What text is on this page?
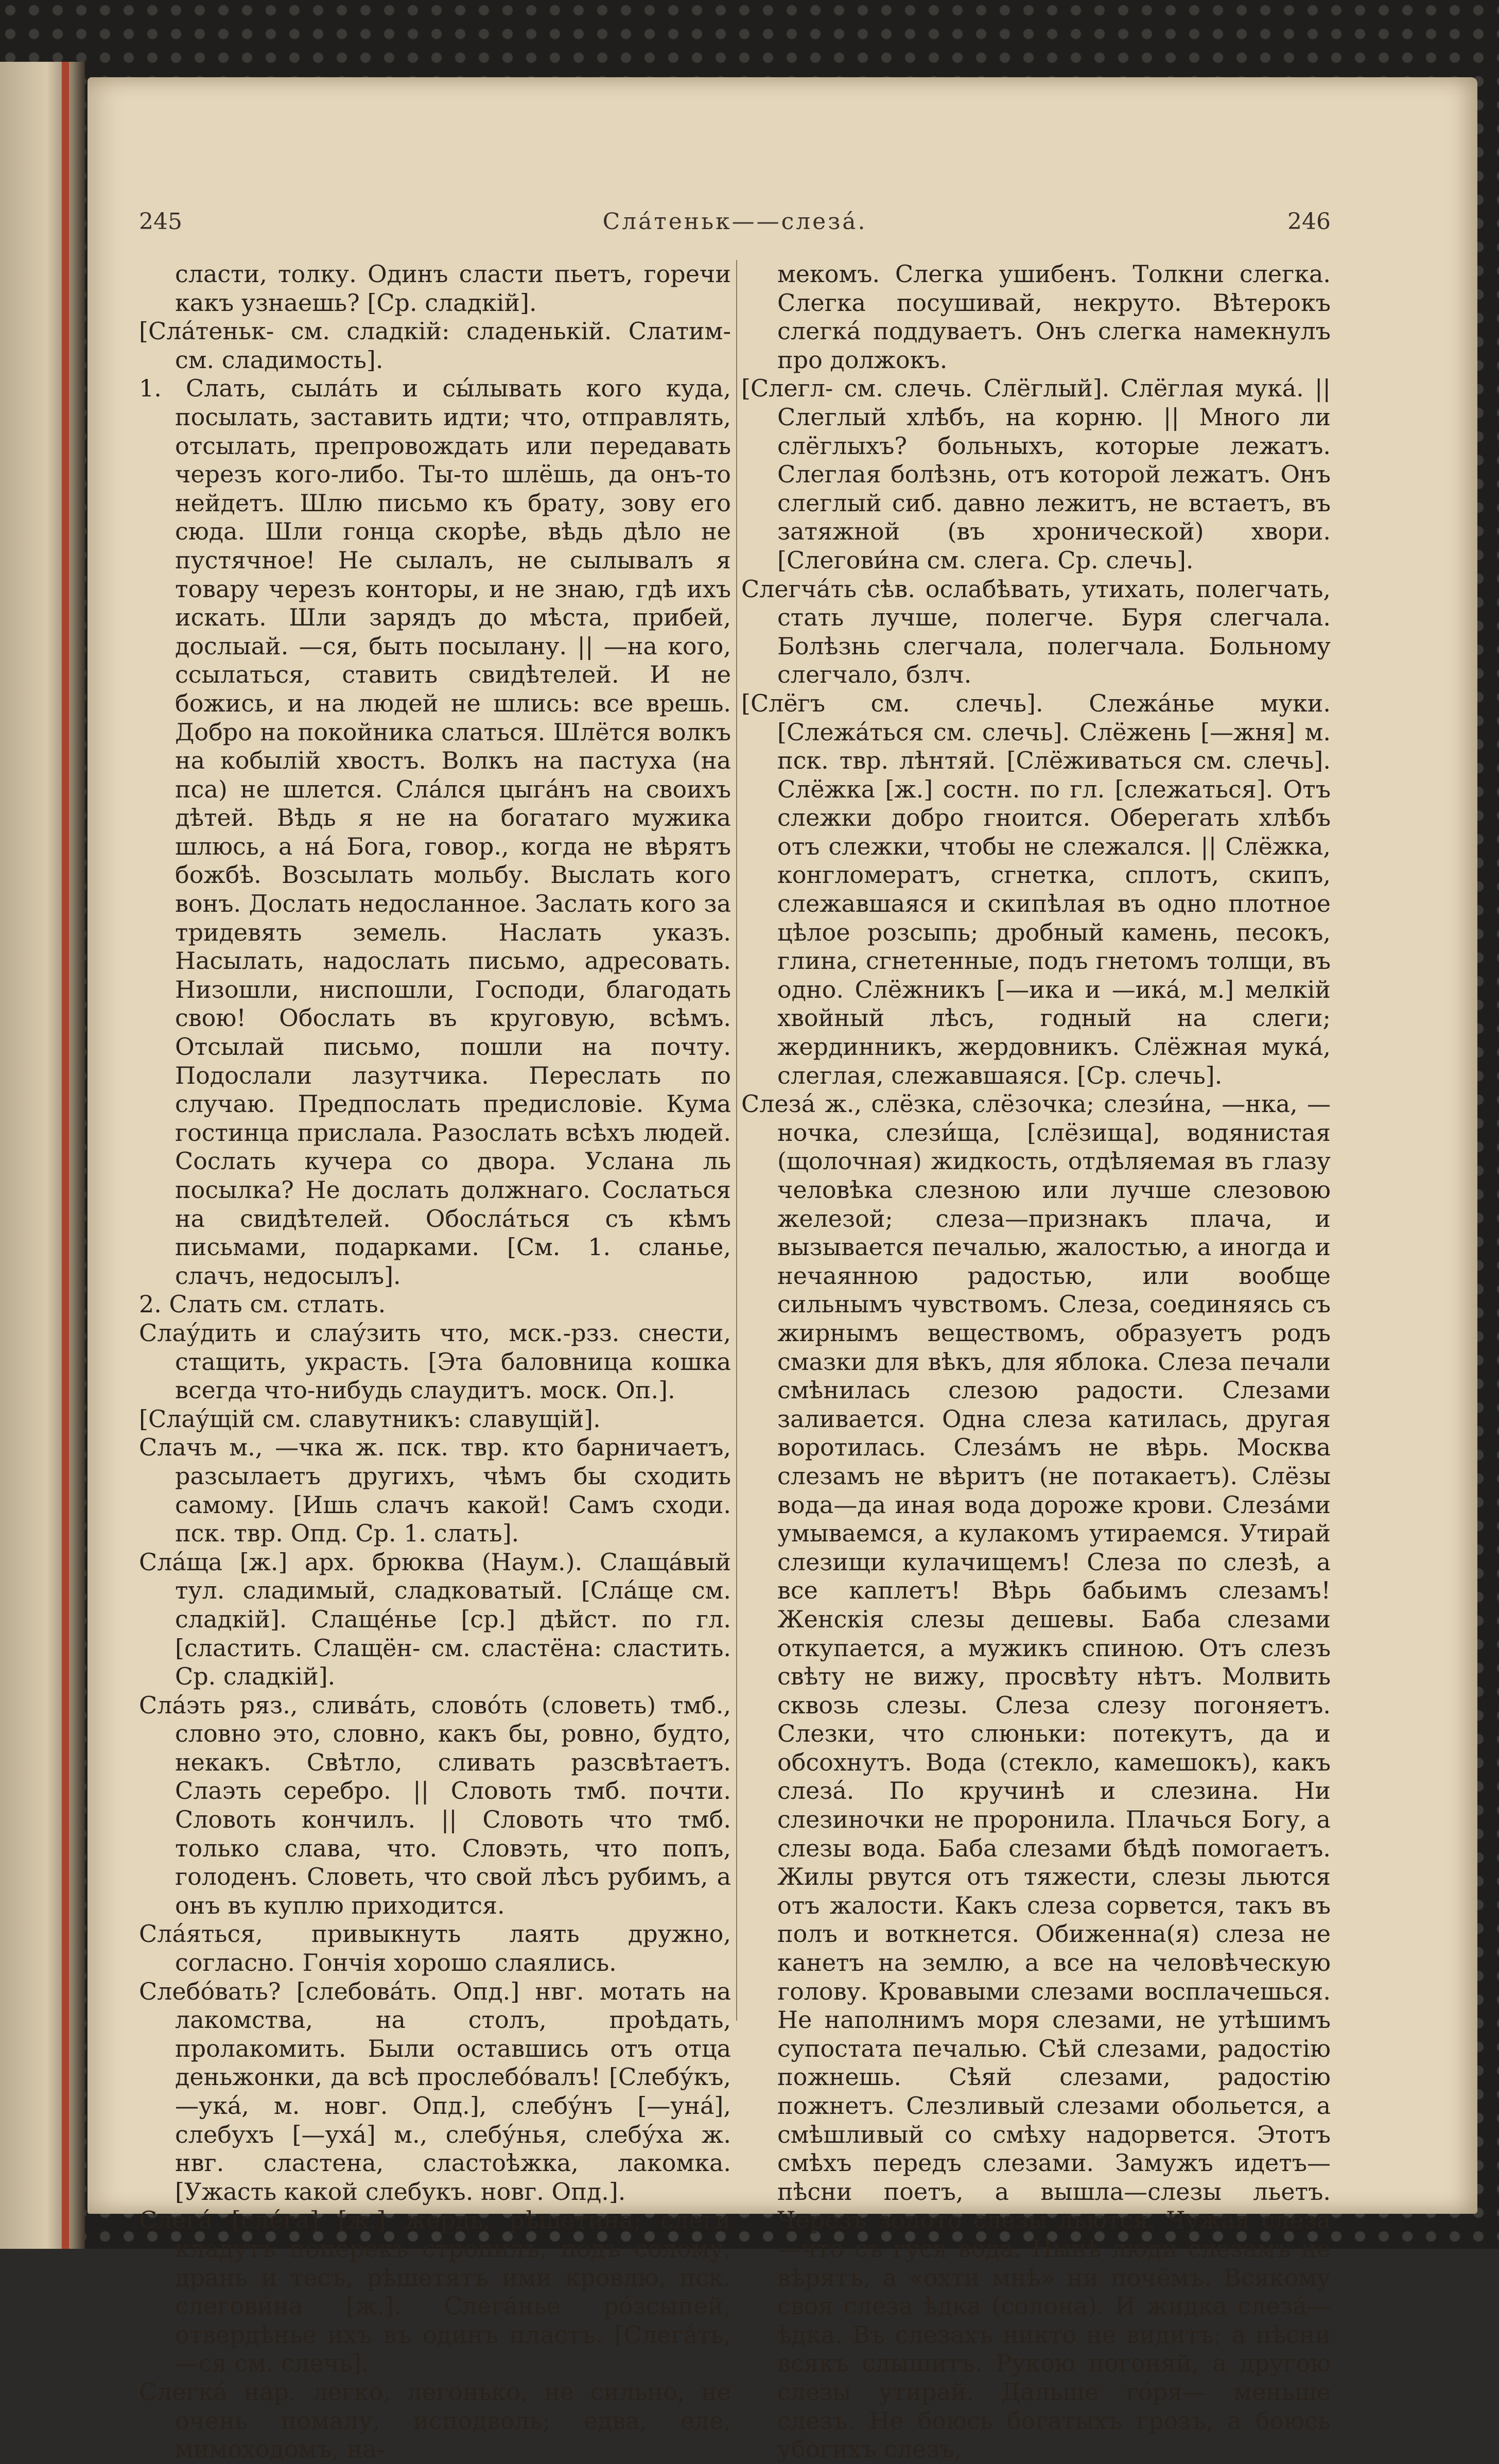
245	Сла́теньк——слеза́.	246

сласти, толку. Одинъ сласти пьетъ, горечи какъ узнаешь? [Ср. сладкій].

[Сла́теньк- см. сладкій: сладенькій. Слатим- см. сладимость].

1. Слать, сыла́ть и сы́лывать кого куда, посылать, заставить идти; что, отправлять, отсылать, препровождать или передавать черезъ кого-либо. Ты-то шлёшь, да онъ-то нейдетъ. Шлю письмо къ брату, зову его сюда. Шли гонца скорѣе, вѣдь дѣло не пустячное! Не сылалъ, не сылывалъ я товару черезъ конторы, и не знаю, гдѣ ихъ искать. Шли зарядъ до мѣста, прибей, дослыай. —ся, быть посылану. || —на кого, ссылаться, ставить свидѣтелей. И не божись, и на людей не шлись: все врешь. Добро на покойника слаться. Шлётся волкъ на кобылій хвостъ. Волкъ на пастуха (на пса) не шлется. Сла́лся цыга́нъ на своихъ дѣтей. Вѣдь я не на богатаго мужика шлюсь, а на́ Бога, говор., когда не вѣрятъ божбѣ. Возсылать мольбу. Выслать кого вонъ. Дослать недосланное. Заслать кого за тридевять земель. Наслать указъ. Насылать, надослать письмо, адресовать. Низошли, ниспошли, Господи, благодать свою! Обослать въ круговую, всѣмъ. Отсылай письмо, пошли на почту. Подослали лазутчика. Переслать по случаю. Предпослать предисловіе. Кума гостинца прислала. Разослать всѣхъ людей. Сослать кучера со двора. Услана ль посылка? Не дослать должнаго. Сослаться на свидѣтелей. Обосла́ться съ кѣмъ письмами, подарками. [См. 1. сланье, слачъ, недосылъ].

2. Слать см. стлать.

Слау́дить и слау́зить что, мск.-рзз. снести, стащить, украсть. [Эта баловница кошка всегда что-нибудь слаудитъ. моск. Оп.].

[Слау́щій см. славутникъ: славущій].

Слачъ м., —чка ж. пск. твр. кто барничаетъ, разсылаетъ другихъ, чѣмъ бы сходить самому. [Ишь слачъ какой! Самъ сходи. пск. твр. Опд. Ср. 1. слать].

Сла́ща [ж.] арх. брюква (Наум.). Слаща́вый тул. сладимый, сладковатый. [Сла́ще см. сладкій]. Слаще́нье [ср.] дѣйст. по гл. [сластить. Слащён- см. сластёна: сластить. Ср. сладкій].

Сла́эть ряз., слива́ть, слово́ть (словеть) тмб., словно это, словно, какъ бы, ровно, будто, некакъ. Свѣтло, сливать разсвѣтаетъ. Слаэть серебро. || Словоть тмб. почти. Словоть кончилъ. || Словоть что тмб. только слава, что. Словэть, что попъ, голоденъ. Словеть, что свой лѣсъ рубимъ, а онъ въ куплю приходится.

Сла́яться, привыкнуть лаять дружно, согласно. Гончія хорошо слаялись.

Слебо́вать? [слебова́ть. Опд.] нвг. мотать на лакомства, на столъ, проѣдать, пролакомить. Были оставшись отъ отца деньжонки, да всѣ прослебо́валъ! [Слебу́къ, —ука́, м. новг. Опд.], слебу́нъ [—уна́], слебухъ [—уха́] м., слебу́нья, слебу́ха ж. нвг. сластена, сластоѣжка, лакомка. [Ужасть какой слебукъ. новг. Опд.].

Слега́ [сле́га] [ж.] жердь, рѣшетина; слеги кладутъ поперекъ стропилъ, подъ солому, дрань и тесъ, рѣшетятъ ими кровлю, пск. слегови́на [ж.]. Слега́нье ро́зсыпей, отвердѣнье ихъ въ одинъ пластъ. [Слега́ть, —ся см. слечь].

Слегка́ нар. легко, легонько, не сильно, не очень помалу, исподволь; едва, еле, мимоходомъ, на-

мекомъ. Слегка ушибенъ. Толкни слегка. Слегка посушивай, некруто. Вѣтерокъ слегка́ поддуваетъ. Онъ слегка намекнулъ про должокъ.

[Слегл- см. слечь. Слёглый]. Слёглая мука́. || Слеглый хлѣбъ, на корню. || Много ли слёглыхъ? больныхъ, которые лежатъ. Слеглая болѣзнь, отъ которой лежатъ. Онъ слеглый сиб. давно лежитъ, не встаетъ, въ затяжной (въ хронической) хвори. [Слегови́на см. слега. Ср. слечь].

Слегча́ть сѣв. ослабѣвать, утихать, полегчать, стать лучше, полегче. Буря слегчала. Болѣзнь слегчала, полегчала. Больному слегчало, бзлч.

[Слёгъ см. слечь]. Слежа́нье муки. [Слежа́ться см. слечь]. Слёжень [—жня] м. пск. твр. лѣнтяй. [Слёживаться см. слечь]. Слёжка [ж.] состн. по гл. [слежаться]. Отъ слежки добро гноится. Оберегать хлѣбъ отъ слежки, чтобы не слежался. || Слёжка, конгломератъ, сгнетка, сплотъ, скипъ, слежавшаяся и скипѣлая въ одно плотное цѣлое розсыпь; дробный камень, песокъ, глина, сгнетенные, подъ гнетомъ толщи, въ одно. Слёжникъ [—ика и —ика́, м.] мелкій хвойный лѣсъ, годный на слеги; жердинникъ, жердовникъ. Слёжная мука́, слеглая, слежавшаяся. [Ср. слечь].

Слеза́ ж., слёзка, слёзочка; слези́на, —нка, —ночка, слези́ща, [слёзища], водянистая (щолочная) жидкость, отдѣляемая въ глазу человѣка слезною или лучше слезовою железой; слеза—признакъ плача, и вызывается печалью, жалостью, а иногда и нечаянною радостью, или вообще сильнымъ чувствомъ. Слеза, соединяясь съ жирнымъ веществомъ, образуетъ родъ смазки для вѣкъ, для яблока. Слеза печали смѣнилась слезою радости. Слезами заливается. Одна слеза катилась, другая воротилась. Слеза́мъ не вѣрь. Москва слезамъ не вѣритъ (не потакаетъ). Слёзы вода—да иная вода дороже крови. Слеза́ми умываемся, а кулакомъ утираемся. Утирай слезищи кулачищемъ! Слеза по слезѣ, а все каплетъ! Вѣрь бабьимъ слезамъ! Женскія слезы дешевы. Баба слезами откупается, а мужикъ спиною. Отъ слезъ свѣту не вижу, просвѣту нѣтъ. Молвить сквозь слезы. Слеза слезу погоняетъ. Слезки, что слюньки: потекутъ, да и обсохнутъ. Вода (стекло, камешокъ), какъ слеза́. По кручинѣ и слезина. Ни слезиночки не проронила. Плачься Богу, а слезы вода. Баба слезами бѣдѣ помогаетъ. Жилы рвутся отъ тяжести, слезы льются отъ жалости. Какъ слеза сорвется, такъ въ полъ и воткнется. Обиженна(я) слеза не канетъ на землю, а все на человѣческую голову. Кровавыми слезами восплачешься. Не наполнимъ моря слезами, не утѣшимъ супостата печалью. Сѣй слезами, радостію пожнешь. Сѣяй слезами, радостію пожнетъ. Слезливый слезами обольется, а смѣшливый со смѣху надорвется. Этотъ смѣхъ передъ слезами. Замужъ идетъ—пѣсни поетъ, а вышла—слезы льетъ. Черезъ золото слезы льются. Чужая слеза—что съ гуся вода. Нынѣ люди слезамъ не вѣрятъ, а «охти мнѣ» ни почёмъ. Всякому своя слеза ѣдка (солона). И жидка слеза́—ѣдка. Въ слезахъ никто не видитъ; а пѣсни всякъ слышитъ. Рукою погоняй, а другою слезы утирай. Дальше го́ря— меньше слезъ. Не боюсь богатыхъ грозъ, а боюсь убогихъ слезъ,
